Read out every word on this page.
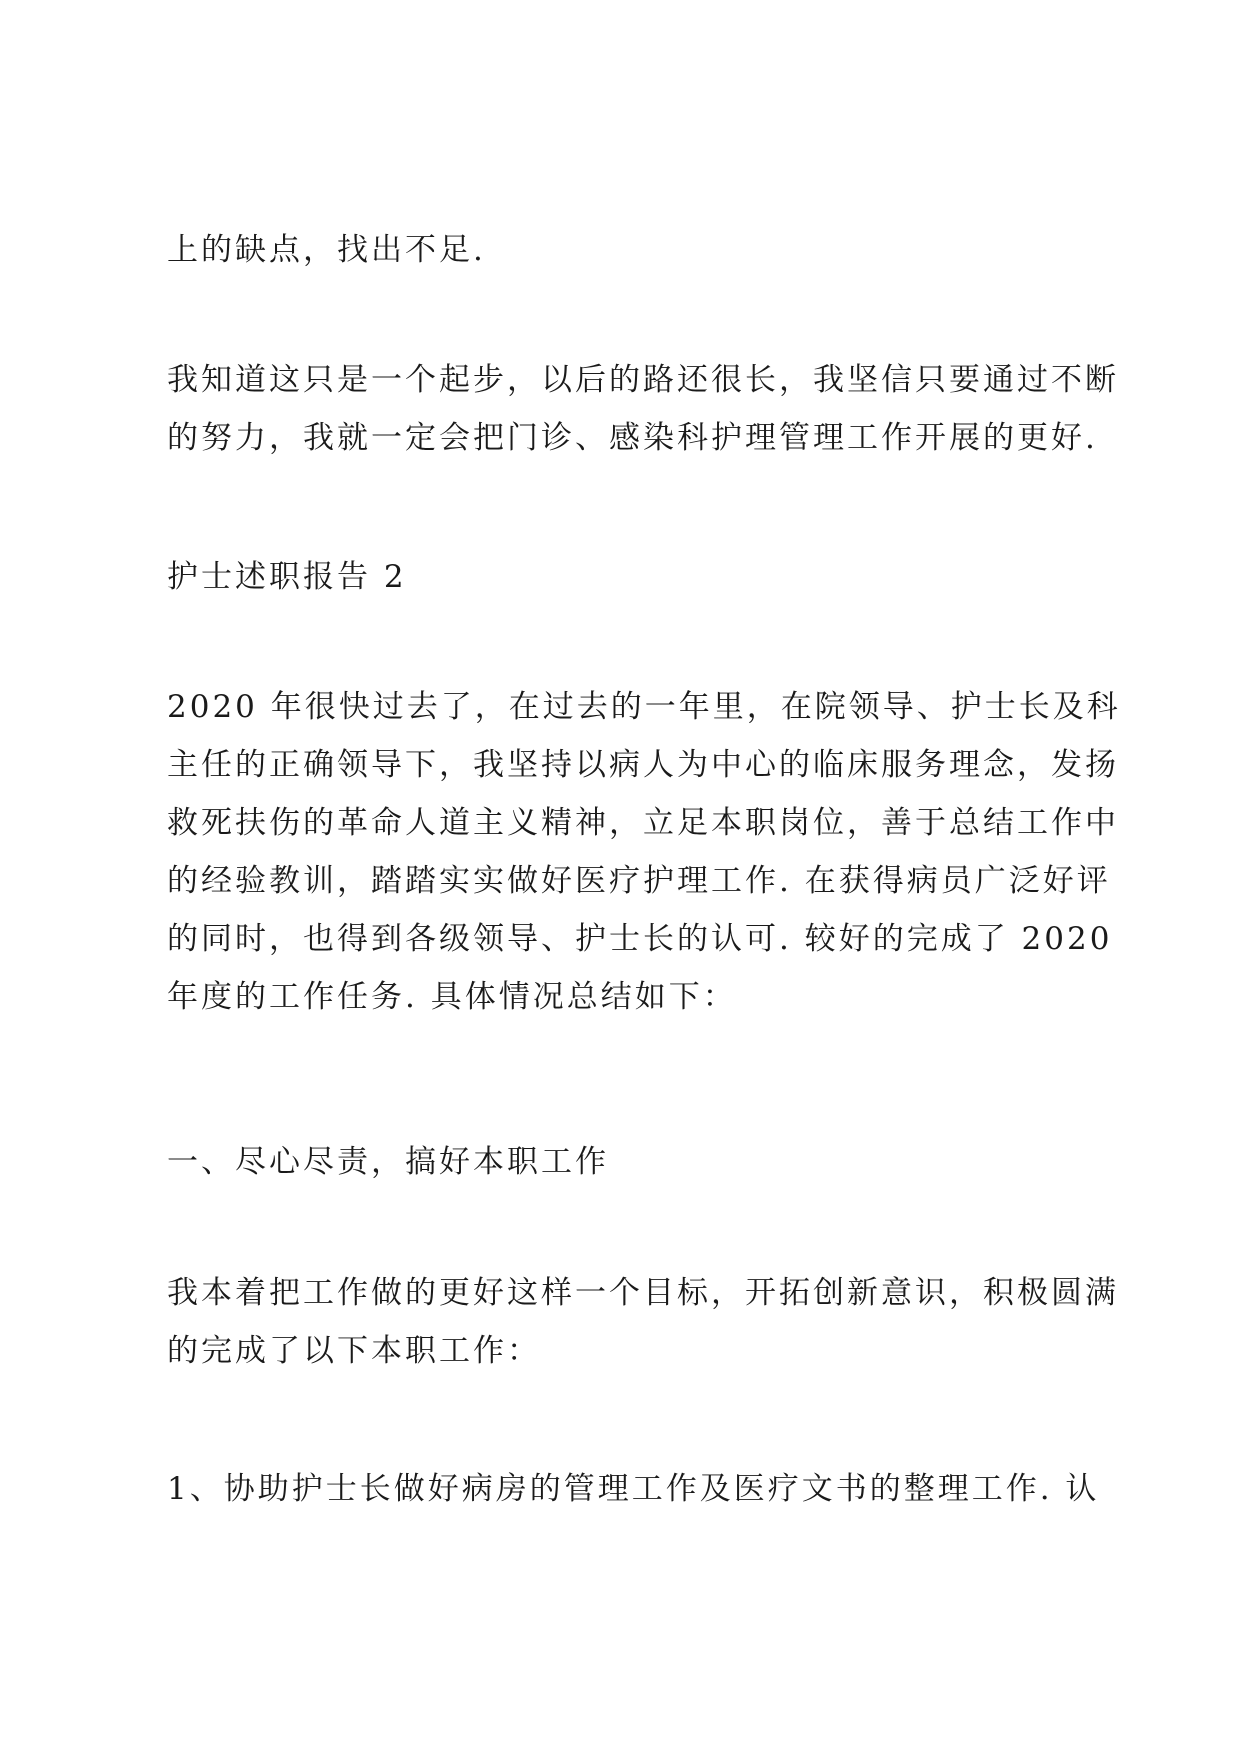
上的缺点，找出不足.
我知道这只是一个起步，以后的路还很长，我坚信只要通过不断
的努力，我就一定会把门诊、感染科护理管理工作开展的更好.
护士述职报告 2
2020 年很快过去了，在过去的一年里，在院领导、护士长及科
主任的正确领导下，我坚持以病人为中心的临床服务理念，发扬
救死扶伤的革命人道主义精神，立足本职岗位，善于总结工作中
的经验教训，踏踏实实做好医疗护理工作. 在获得病员广泛好评
的同时，也得到各级领导、护士长的认可. 较好的完成了 2020
年度的工作任务. 具体情况总结如下：
一、尽心尽责，搞好本职工作
我本着把工作做的更好这样一个目标，开拓创新意识，积极圆满
的完成了以下本职工作：
1、协助护士长做好病房的管理工作及医疗文书的整理工作. 认
